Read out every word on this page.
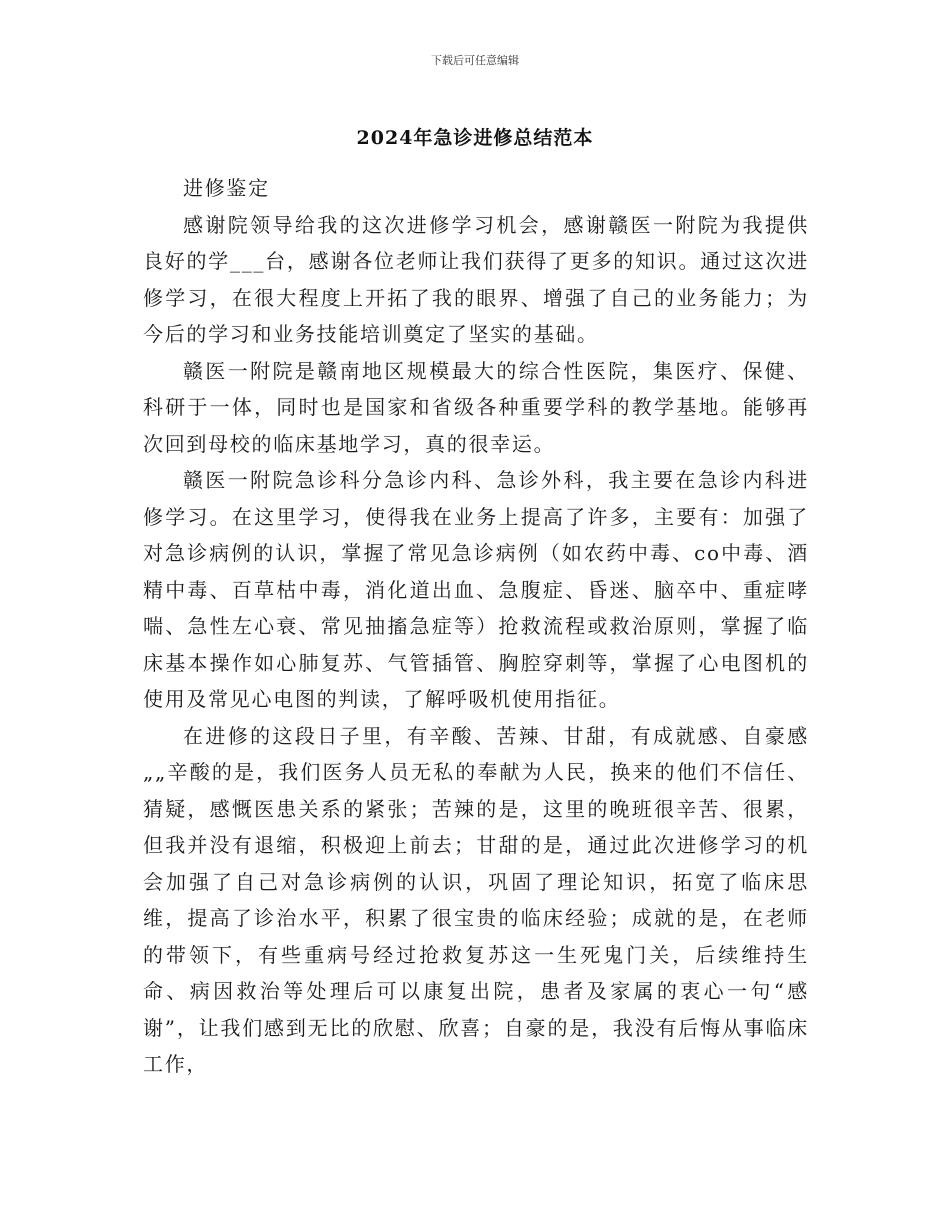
下载后可任意编辑
2024年急诊进修总结范本

进修鉴定

感谢院领导给我的这次进修学习机会，感谢赣医一附院为我提供良好的学___台，感谢各位老师让我们获得了更多的知识。通过这次进修学习，在很大程度上开拓了我的眼界、增强了自己的业务能力；为今后的学习和业务技能培训奠定了坚实的基础。

赣医一附院是赣南地区规模最大的综合性医院，集医疗、保健、科研于一体，同时也是国家和省级各种重要学科的教学基地。能够再次回到母校的临床基地学习，真的很幸运。

赣医一附院急诊科分急诊内科、急诊外科，我主要在急诊内科进修学习。在这里学习，使得我在业务上提高了许多，主要有：加强了对急诊病例的认识，掌握了常见急诊病例（如农药中毒、co中毒、酒精中毒、百草枯中毒，消化道出血、急腹症、昏迷、脑卒中、重症哮喘、急性左心衰、常见抽搐急症等）抢救流程或救治原则，掌握了临床基本操作如心肺复苏、气管插管、胸腔穿刺等，掌握了心电图机的使用及常见心电图的判读，了解呼吸机使用指征。

在进修的这段日子里，有辛酸、苦辣、甘甜，有成就感、自豪感„„辛酸的是，我们医务人员无私的奉献为人民，换来的他们不信任、猜疑，感慨医患关系的紧张；苦辣的是，这里的晚班很辛苦、很累，但我并没有退缩，积极迎上前去；甘甜的是，通过此次进修学习的机会加强了自己对急诊病例的认识，巩固了理论知识，拓宽了临床思维，提高了诊治水平，积累了很宝贵的临床经验；成就的是，在老师的带领下，有些重病号经过抢救复苏这一生死鬼门关，后续维持生命、病因救治等处理后可以康复出院，患者及家属的衷心一句“感谢”，让我们感到无比的欣慰、欣喜；自豪的是，我没有后悔从事临床工作，
